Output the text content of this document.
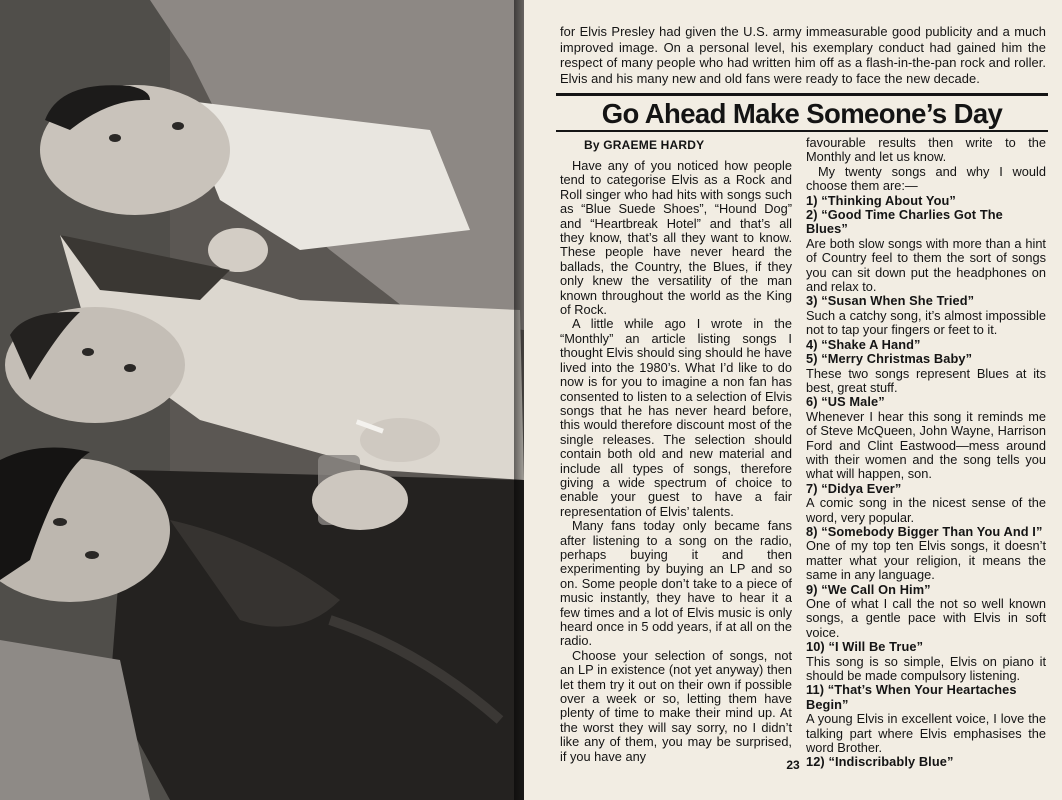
for Elvis Presley had given the U.S. army immeasurable good publicity and a much improved image. On a personal level, his exemplary conduct had gained him the respect of many people who had written him off as a flash-in-the-pan rock and roller. Elvis and his many new and old fans were ready to face the new decade.
Go Ahead Make Someone’s Day
By GRAEME HARDY

Have any of you noticed how people tend to categorise Elvis as a Rock and Roll singer who had hits with songs such as “Blue Suede Shoes”, “Hound Dog” and “Heartbreak Hotel” and that’s all they know, that’s all they want to know. These people have never heard the ballads, the Country, the Blues, if they only knew the versatility of the man known throughout the world as the King of Rock.

A little while ago I wrote in the “Monthly” an article listing songs I thought Elvis should sing should he have lived into the 1980’s. What I’d like to do now is for you to imagine a non fan has consented to listen to a selection of Elvis songs that he has never heard before, this would therefore discount most of the single releases. The selection should contain both old and new material and include all types of songs, therefore giving a wide spectrum of choice to enable your guest to have a fair representation of Elvis’ talents.

Many fans today only became fans after listening to a song on the radio, perhaps buying it and then experimenting by buying an LP and so on. Some people don’t take to a piece of music instantly, they have to hear it a few times and a lot of Elvis music is only heard once in 5 odd years, if at all on the radio.

Choose your selection of songs, not an LP in existence (not yet anyway) then let them try it out on their own if possible over a week or so, letting them have plenty of time to make their mind up. At the worst they will say sorry, no I didn’t like any of them, you may be surprised, if you have any

favourable results then write to the Monthly and let us know.

My twenty songs and why I would choose them are:—

1) “Thinking About You”
2) “Good Time Charlies Got The Blues”
Are both slow songs with more than a hint of Country feel to them the sort of songs you can sit down put the headphones on and relax to.
3) “Susan When She Tried”
Such a catchy song, it’s almost impossible not to tap your fingers or feet to it.
4) “Shake A Hand”
5) “Merry Christmas Baby”
These two songs represent Blues at its best, great stuff.
6) “US Male”
Whenever I hear this song it reminds me of Steve McQueen, John Wayne, Harrison Ford and Clint Eastwood—mess around with their women and the song tells you what will happen, son.
7) “Didya Ever”
A comic song in the nicest sense of the word, very popular.
8) “Somebody Bigger Than You And I”
One of my top ten Elvis songs, it doesn’t matter what your religion, it means the same in any language.
9) “We Call On Him”
One of what I call the not so well known songs, a gentle pace with Elvis in soft voice.
10) “I Will Be True”
This song is so simple, Elvis on piano it should be made compulsory listening.
11) “That’s When Your Heartaches Begin”
A young Elvis in excellent voice, I love the talking part where Elvis emphasises the word Brother.
12) “Indiscribably Blue”
23
